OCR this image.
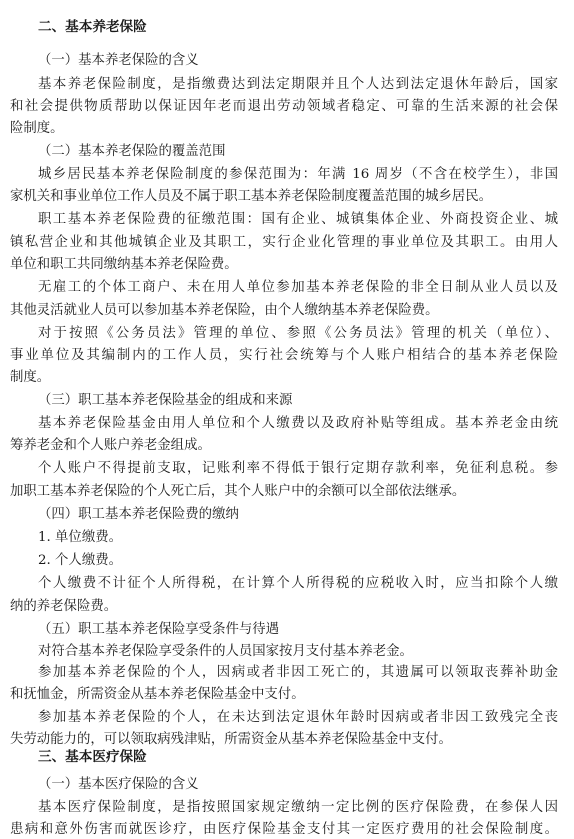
二、基本养老保险
（一）基本养老保险的含义
基本养老保险制度，是指缴费达到法定期限并且个人达到法定退休年龄后，国家
和社会提供物质帮助以保证因年老而退出劳动领域者稳定、可靠的生活来源的社会保
险制度。
（二）基本养老保险的覆盖范围
城乡居民基本养老保险制度的参保范围为：年满 16 周岁（不含在校学生），非国
家机关和事业单位工作人员及不属于职工基本养老保险制度覆盖范围的城乡居民。
职工基本养老保险费的征缴范围：国有企业、城镇集体企业、外商投资企业、城
镇私营企业和其他城镇企业及其职工，实行企业化管理的事业单位及其职工。由用人
单位和职工共同缴纳基本养老保险费。
无雇工的个体工商户、未在用人单位参加基本养老保险的非全日制从业人员以及
其他灵活就业人员可以参加基本养老保险，由个人缴纳基本养老保险费。
对于按照《公务员法》管理的单位、参照《公务员法》管理的机关（单位）、
事业单位及其编制内的工作人员，实行社会统筹与个人账户相结合的基本养老保险
制度。
（三）职工基本养老保险基金的组成和来源
基本养老保险基金由用人单位和个人缴费以及政府补贴等组成。基本养老金由统
筹养老金和个人账户养老金组成。
个人账户不得提前支取，记账利率不得低于银行定期存款利率，免征利息税。参
加职工基本养老保险的个人死亡后，其个人账户中的余额可以全部依法继承。
（四）职工基本养老保险费的缴纳
1. 单位缴费。
2. 个人缴费。
个人缴费不计征个人所得税，在计算个人所得税的应税收入时，应当扣除个人缴
纳的养老保险费。
（五）职工基本养老保险享受条件与待遇
对符合基本养老保险享受条件的人员国家按月支付基本养老金。
参加基本养老保险的个人，因病或者非因工死亡的，其遗属可以领取丧葬补助金
和抚恤金，所需资金从基本养老保险基金中支付。
参加基本养老保险的个人，在未达到法定退休年龄时因病或者非因工致残完全丧
失劳动能力的，可以领取病残津贴，所需资金从基本养老保险基金中支付。
三、基本医疗保险
（一）基本医疗保险的含义
基本医疗保险制度，是指按照国家规定缴纳一定比例的医疗保险费，在参保人因
患病和意外伤害而就医诊疗，由医疗保险基金支付其一定医疗费用的社会保险制度。
